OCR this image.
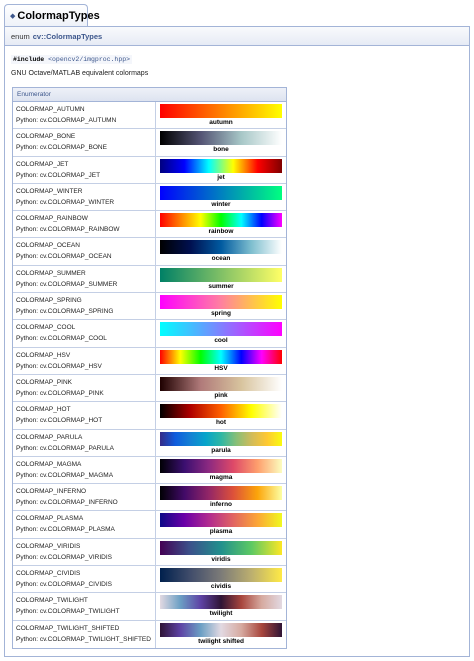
◆ ColormapTypes
enum cv::ColormapTypes
#include <opencv2/imgproc.hpp>
GNU Octave/MATLAB equivalent colormaps
Enumerator
COLORMAP_AUTUMN
Python: cv.COLORMAP_AUTUMN	autumn
COLORMAP_BONE
Python: cv.COLORMAP_BONE	bone
COLORMAP_JET
Python: cv.COLORMAP_JET	jet
COLORMAP_WINTER
Python: cv.COLORMAP_WINTER	winter
COLORMAP_RAINBOW
Python: cv.COLORMAP_RAINBOW	rainbow
COLORMAP_OCEAN
Python: cv.COLORMAP_OCEAN	ocean
COLORMAP_SUMMER
Python: cv.COLORMAP_SUMMER	summer
COLORMAP_SPRING
Python: cv.COLORMAP_SPRING	spring
COLORMAP_COOL
Python: cv.COLORMAP_COOL	cool
COLORMAP_HSV
Python: cv.COLORMAP_HSV	HSV
COLORMAP_PINK
Python: cv.COLORMAP_PINK	pink
COLORMAP_HOT
Python: cv.COLORMAP_HOT	hot
COLORMAP_PARULA
Python: cv.COLORMAP_PARULA	parula
COLORMAP_MAGMA
Python: cv.COLORMAP_MAGMA	magma
COLORMAP_INFERNO
Python: cv.COLORMAP_INFERNO	inferno
COLORMAP_PLASMA
Python: cv.COLORMAP_PLASMA	plasma
COLORMAP_VIRIDIS
Python: cv.COLORMAP_VIRIDIS	viridis
COLORMAP_CIVIDIS
Python: cv.COLORMAP_CIVIDIS	cividis
COLORMAP_TWILIGHT
Python: cv.COLORMAP_TWILIGHT	twilight
COLORMAP_TWILIGHT_SHIFTED
Python: cv.COLORMAP_TWILIGHT_SHIFTED	twilight shifted
